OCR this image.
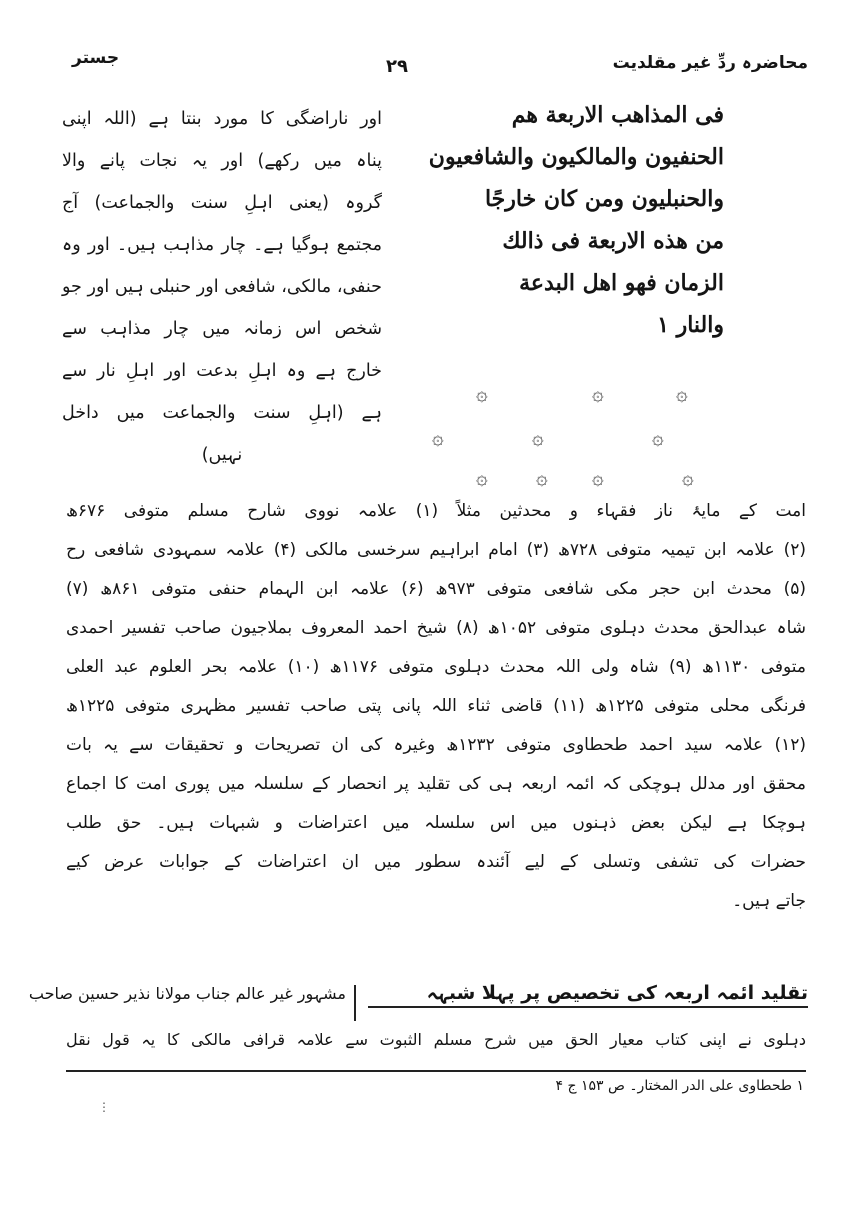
جستر	۲۹	محاضرہ ردِّ غیر مقلدیت
فى المذاهب الاربعة هم
الحنفيون والمالكيون والشافعيون
والحنبليون ومن كان خارجًا
من هذه الاربعة فى ذالك
الزمان فهو اهل البدعة
والنار ۱
اور ناراضگی کا مورد بنتا ہے (اللہ اپنی
پناہ میں رکھے) اور یہ نجات پانے والا
گروہ (یعنی اہلِ سنت والجماعت) آج
مجتمع ہوگیا ہے۔ چار مذاہب ہیں۔ اور وہ
حنفی، مالکی، شافعی اور حنبلی ہیں اور جو
شخص اس زمانہ میں چار مذاہب سے
خارج ہے وہ اہلِ بدعت اور اہلِ نار سے
ہے (اہلِ سنت والجماعت میں داخل
نہیں)
۞	۞	۞
۞	۞	۞
۞ ۞ ۞	۞
امت کے مایۂ ناز فقہاء و محدثین مثلاً (۱) علامہ نووی شارح مسلم متوفی ۶۷۶ھ
(۲) علامہ ابن تیمیہ متوفی ۷۲۸ھ (۳) امام ابراہیم سرخسی مالکی (۴) علامہ سمہودی شافعی رح
(۵) محدث ابن حجر مکی شافعی متوفی ۹۷۳ھ (۶) علامہ ابن الہمام حنفی متوفی ۸۶۱ھ (۷)
شاہ عبدالحق محدث دہلوی متوفی ۱۰۵۲ھ (۸) شیخ احمد المعروف بملاجیون صاحب تفسیر احمدی
متوفی ۱۱۳۰ھ (۹) شاہ ولی اللہ محدث دہلوی متوفی ۱۱۷۶ھ (۱۰) علامہ بحر العلوم عبد العلی
فرنگی محلی متوفی ۱۲۲۵ھ (۱۱) قاضی ثناء اللہ پانی پتی صاحب تفسیر مظہری متوفی ۱۲۲۵ھ
(۱۲) علامہ سید احمد طحطاوی متوفی ۱۲۳۲ھ وغیرہ کی ان تصریحات و تحقیقات سے یہ بات
محقق اور مدلل ہوچکی کہ ائمہ اربعہ ہی کی تقلید پر انحصار کے سلسلہ میں پوری امت کا اجماع
ہوچکا ہے لیکن بعض ذہنوں میں اس سلسلہ میں اعتراضات و شبہات ہیں۔ حق طلب
حضرات کی تشفی وتسلی کے لیے آئندہ سطور میں ان اعتراضات کے جوابات عرض کیے
جاتے ہیں۔
تقلید ائمہ اربعہ کی تخصیص پر پہلا شبہہ
مشہور غیر عالم جناب مولانا نذیر حسین صاحب
دہلوی نے اپنی کتاب معیار الحق میں شرح مسلم الثبوت سے علامہ قرافی مالکی کا یہ قول نقل
۱ طحطاوی علی الدر المختار۔ ص ۱۵۳ ج ۴
⋮
